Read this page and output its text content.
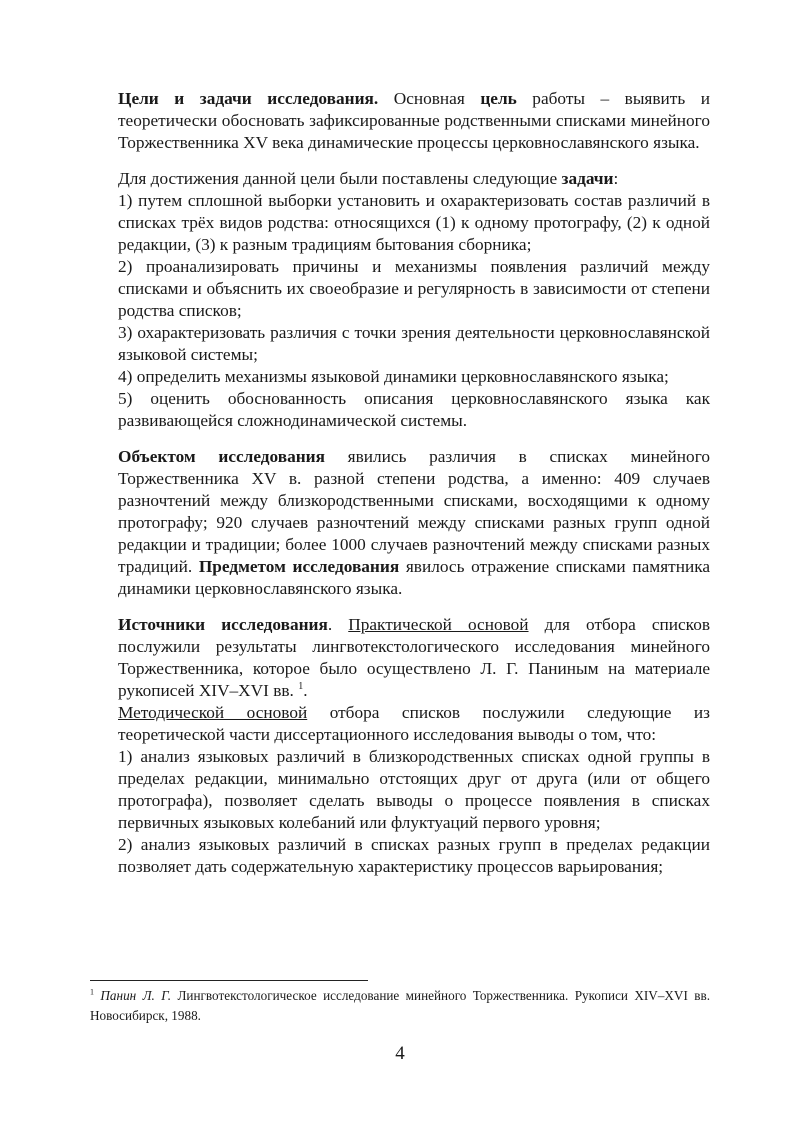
Цели и задачи исследования. Основная цель работы – выявить и теоретически обосновать зафиксированные родственными списками минейного Торжественника XV века динамические процессы церковнославянского языка.

Для достижения данной цели были поставлены следующие задачи:

1) путем сплошной выборки установить и охарактеризовать состав различий в списках трёх видов родства: относящихся (1) к одному протографу, (2) к одной редакции, (3) к разным традициям бытования сборника;

2) проанализировать причины и механизмы появления различий между списками и объяснить их своеобразие и регулярность в зависимости от степени родства списков;

3) охарактеризовать различия с точки зрения деятельности церковнославянской языковой системы;

4) определить механизмы языковой динамики церковнославянского языка;

5) оценить обоснованность описания церковнославянского языка как развивающейся сложнодинамической системы.

Объектом исследования явились различия в списках минейного Торжественника XV в. разной степени родства, а именно: 409 случаев разночтений между близкородственными списками, восходящими к одному протографу; 920 случаев разночтений между списками разных групп одной редакции и традиции; более 1000 случаев разночтений между списками разных традиций. Предметом исследования явилось отражение списками памятника динамики церковнославянского языка.

Источники исследования. Практической основой для отбора списков послужили результаты лингвотекстологического исследования минейного Торжественника, которое было осуществлено Л. Г. Паниным на материале рукописей XIV–XVI вв. $^1$.

Методической основой отбора списков послужили следующие из теоретической части диссертационного исследования выводы о том, что:

1) анализ языковых различий в близкородственных списках одной группы в пределах редакции, минимально отстоящих друг от друга (или от общего протографа), позволяет сделать выводы о процессе появления в списках первичных языковых колебаний или флуктуаций первого уровня;

2) анализ языковых различий в списках разных групп в пределах редакции позволяет дать содержательную характеристику процессов варьирования;

$^1$ Панин Л. Г. Лингвотекстологическое исследование минейного Торжественника. Рукописи XIV–XVI вв. Новосибирск, 1988.
4
